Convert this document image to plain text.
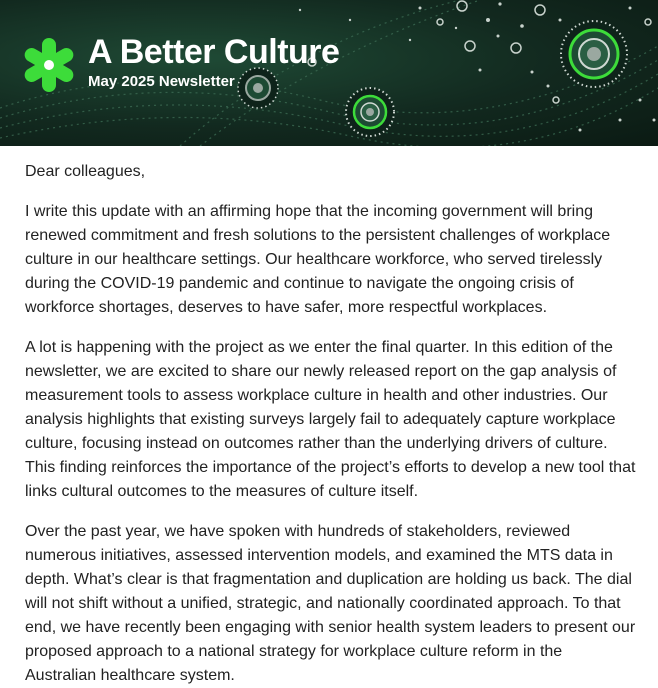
A Better Culture
May 2025 Newsletter

Dear colleagues,

I write this update with an affirming hope that the incoming government will bring renewed commitment and fresh solutions to the persistent challenges of workplace culture in our healthcare settings. Our healthcare workforce, who served tirelessly during the COVID-19 pandemic and continue to navigate the ongoing crisis of workforce shortages, deserves to have safer, more respectful workplaces.

A lot is happening with the project as we enter the final quarter. In this edition of the newsletter, we are excited to share our newly released report on the gap analysis of measurement tools to assess workplace culture in health and other industries. Our analysis highlights that existing surveys largely fail to adequately capture workplace culture, focusing instead on outcomes rather than the underlying drivers of culture. This finding reinforces the importance of the project’s efforts to develop a new tool that links cultural outcomes to the measures of culture itself.

Over the past year, we have spoken with hundreds of stakeholders, reviewed numerous initiatives, assessed intervention models, and examined the MTS data in depth. What’s clear is that fragmentation and duplication are holding us back. The dial will not shift without a unified, strategic, and nationally coordinated approach. To that end, we have recently been engaging with senior health system leaders to present our proposed approach to a national strategy for workplace culture reform in the Australian healthcare system.
